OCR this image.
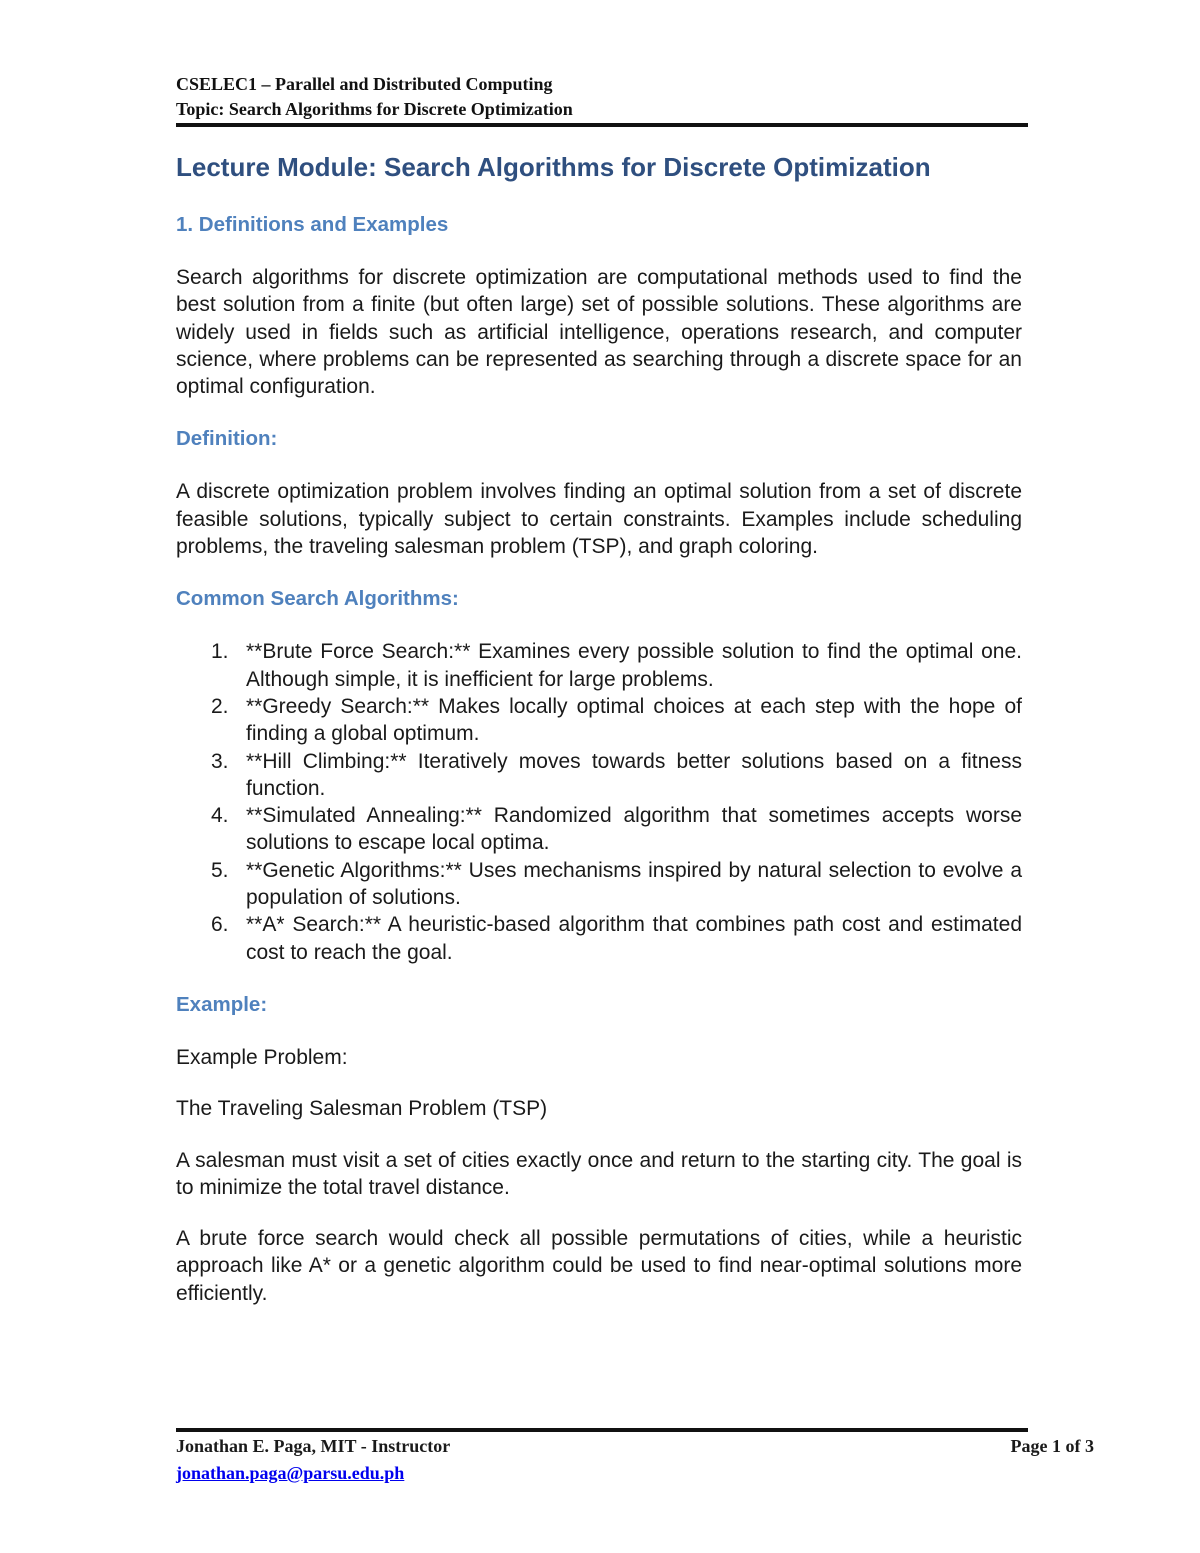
CSELEC1 – Parallel and Distributed Computing
Topic: Search Algorithms for Discrete Optimization
Lecture Module: Search Algorithms for Discrete Optimization
1. Definitions and Examples

Search algorithms for discrete optimization are computational methods used to find the best solution from a finite (but often large) set of possible solutions. These algorithms are widely used in fields such as artificial intelligence, operations research, and computer science, where problems can be represented as searching through a discrete space for an optimal configuration.

Definition:

A discrete optimization problem involves finding an optimal solution from a set of discrete feasible solutions, typically subject to certain constraints. Examples include scheduling problems, the traveling salesman problem (TSP), and graph coloring.

Common Search Algorithms:
1. **Brute Force Search:** Examines every possible solution to find the optimal one. Although simple, it is inefficient for large problems.
2. **Greedy Search:** Makes locally optimal choices at each step with the hope of finding a global optimum.
3. **Hill Climbing:** Iteratively moves towards better solutions based on a fitness function.
4. **Simulated Annealing:** Randomized algorithm that sometimes accepts worse solutions to escape local optima.
5. **Genetic Algorithms:** Uses mechanisms inspired by natural selection to evolve a population of solutions.
6. **A* Search:** A heuristic-based algorithm that combines path cost and estimated cost to reach the goal.
Example:

Example Problem:

The Traveling Salesman Problem (TSP)

A salesman must visit a set of cities exactly once and return to the starting city. The goal is to minimize the total travel distance.

A brute force search would check all possible permutations of cities, while a heuristic approach like A* or a genetic algorithm could be used to find near-optimal solutions more efficiently.

Jonathan E. Paga, MIT - Instructor	Page 1 of 3
jonathan.paga@parsu.edu.ph
